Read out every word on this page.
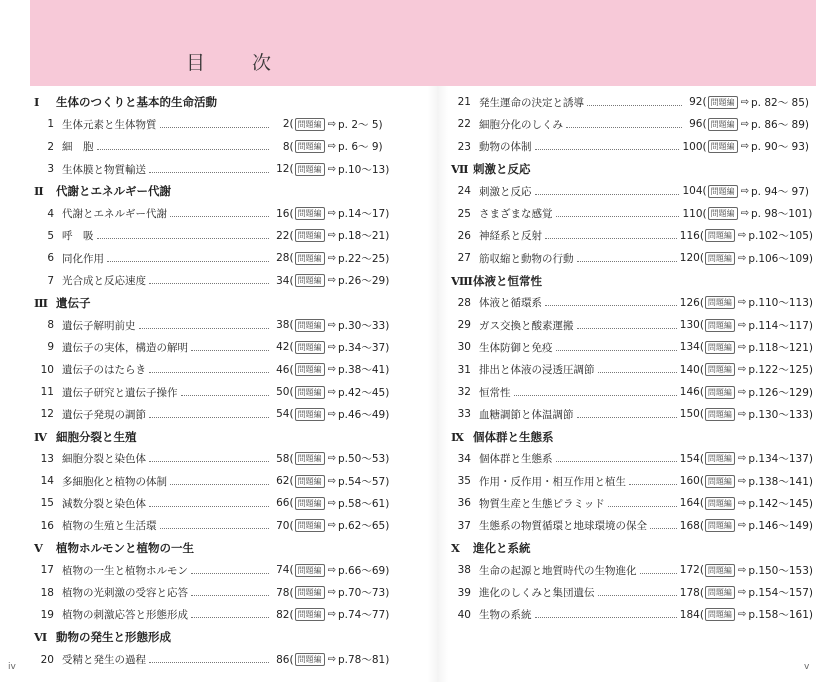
目　次
Ⅰ	生体のつくりと基本的生命活動
1 生体元素と生体物質	2 ( 問題編 ⇨ p. 2～ 5)
2 細　胞	8 ( 問題編 ⇨ p. 6～ 9)
3 生体膜と物質輸送	12 ( 問題編 ⇨ p.10～13)
Ⅱ	代謝とエネルギー代謝
4 代謝とエネルギー代謝	16 ( 問題編 ⇨ p.14～17)
5 呼　吸	22 ( 問題編 ⇨ p.18～21)
6 同化作用	28 ( 問題編 ⇨ p.22～25)
7 光合成と反応速度	34 ( 問題編 ⇨ p.26～29)
Ⅲ 遺伝子
8 遺伝子解明前史	38 ( 問題編 ⇨ p.30～33)
9 遺伝子の実体，構造の解明	42 ( 問題編 ⇨ p.34～37)
10 遺伝子のはたらき	46 ( 問題編 ⇨ p.38～41)
11 遺伝子研究と遺伝子操作	50 ( 問題編 ⇨ p.42～45)
12 遺伝子発現の調節	54 ( 問題編 ⇨ p.46～49)
Ⅳ 細胞分裂と生殖
13 細胞分裂と染色体	58 ( 問題編 ⇨ p.50～53)
14 多細胞化と植物の体制	62 ( 問題編 ⇨ p.54～57)
15 減数分裂と染色体	66 ( 問題編 ⇨ p.58～61)
16 植物の生殖と生活環	70 ( 問題編 ⇨ p.62～65)
Ⅴ	植物ホルモンと植物の一生
17 植物の一生と植物ホルモン	74 ( 問題編 ⇨ p.66～69)
18 植物の光刺激の受容と応答	78 ( 問題編 ⇨ p.70～73)
19 植物の刺激応答と形態形成	82 ( 問題編 ⇨ p.74～77)
Ⅵ 動物の発生と形態形成
20 受精と発生の過程	86 ( 問題編 ⇨ p.78～81)
21 発生運命の決定と誘導	92 ( 問題編 ⇨ p. 82～ 85)
22 細胞分化のしくみ	96 ( 問題編 ⇨ p. 86～ 89)
23 動物の体制	100 ( 問題編 ⇨ p. 90～ 93)
Ⅶ 刺激と反応
24 刺激と反応	104 ( 問題編 ⇨ p. 94～ 97)
25 さまざまな感覚	110 ( 問題編 ⇨ p. 98～101)
26 神経系と反射	116 ( 問題編 ⇨ p.102～105)
27 筋収縮と動物の行動	120 ( 問題編 ⇨ p.106～109)
Ⅷ 体液と恒常性
28 体液と循環系	126 ( 問題編 ⇨ p.110～113)
29 ガス交換と酸素運搬	130 ( 問題編 ⇨ p.114～117)
30 生体防御と免疫	134 ( 問題編 ⇨ p.118～121)
31 排出と体液の浸透圧調節	140 ( 問題編 ⇨ p.122～125)
32 恒常性	146 ( 問題編 ⇨ p.126～129)
33 血糖調節と体温調節	150 ( 問題編 ⇨ p.130～133)
Ⅸ 個体群と生態系
34 個体群と生態系	154 ( 問題編 ⇨ p.134～137)
35 作用・反作用・相互作用と植生	160 ( 問題編 ⇨ p.138～141)
36 物質生産と生態ピラミッド	164 ( 問題編 ⇨ p.142～145)
37 生態系の物質循環と地球環境の保全	168 ( 問題編 ⇨ p.146～149)
Ⅹ	進化と系統
38 生命の起源と地質時代の生物進化	172 ( 問題編 ⇨ p.150～153)
39 進化のしくみと集団遺伝	178 ( 問題編 ⇨ p.154～157)
40 生物の系統	184 ( 問題編 ⇨ p.158～161)
iv	v
